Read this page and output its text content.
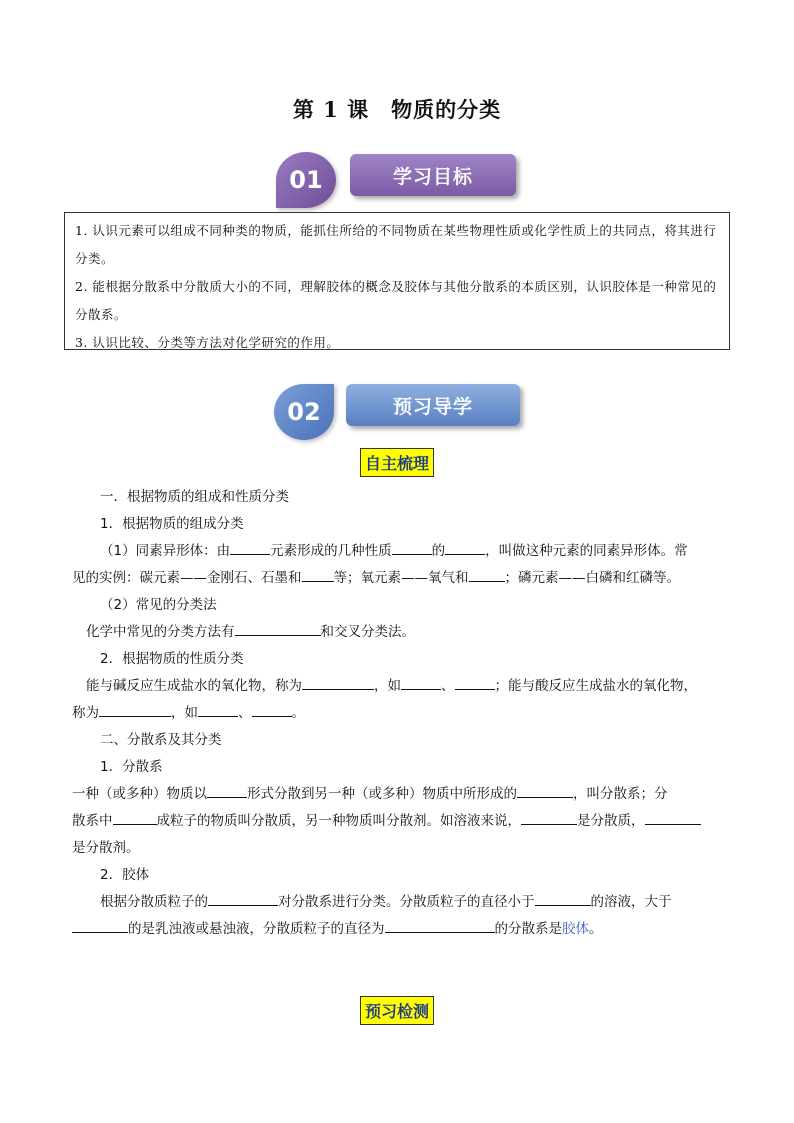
第 1 课　物质的分类
01	学习目标

1. 认识元素可以组成不同种类的物质，能抓住所给的不同物质在某些物理性质或化学性质上的共同点，将其进行分类。

2. 能根据分散系中分散质大小的不同，理解胶体的概念及胶体与其他分散系的本质区别，认识胶体是一种常见的分散系。

3. 认识比较、分类等方法对化学研究的作用。

02	预习导学
自主梳理

一．根据物质的组成和性质分类

1．根据物质的组成分类

（1）同素异形体：由	元素形成的几种性质	的	，叫做这种元素的同素异形体。常

见的实例：碳元素——金刚石、石墨和 等；氧元素——氧气和	；磷元素——白磷和红磷等。

（2）常见的分类法

化学中常见的分类方法有	和交叉分类法。

2．根据物质的性质分类

能与碱反应生成盐水的氧化物，称为	，如	、	；能与酸反应生成盐水的氧化物，

称为	，如	、	。

二、分散系及其分类

1．分散系

一种（或多种）物质以	形式分散到另一种（或多种）物质中所形成的	，叫分散系；分

散系中	成粒子的物质叫分散质，另一种物质叫分散剂。如溶液来说，	是分散质，

是分散剂。

2．胶体

根据分散质粒子的	对分散系进行分类。分散质粒子的直径小于	的溶液，大于

的是乳浊液或悬浊液，分散质粒子的直径为	的分散系是胶体。

预习检测
